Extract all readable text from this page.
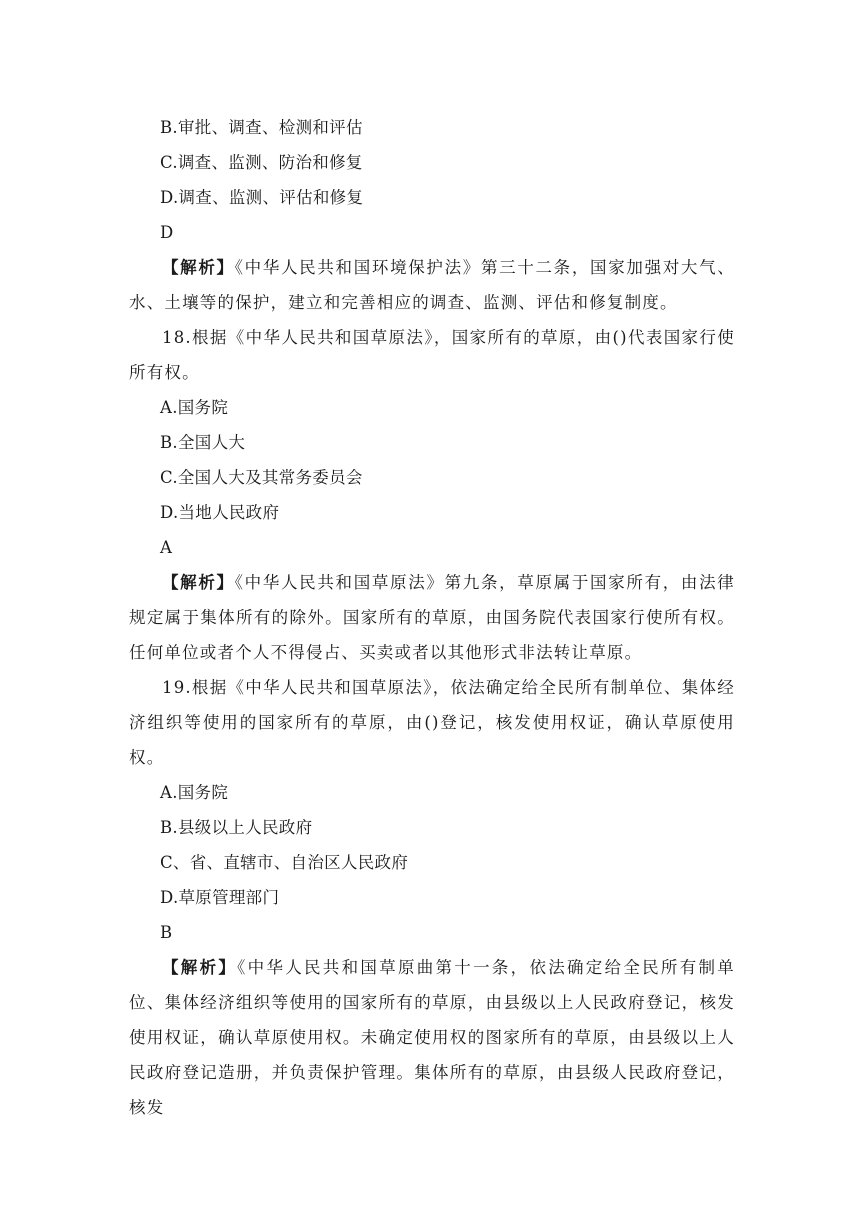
B.审批、调查、检测和评估
C.调查、监测、防治和修复
D.调查、监测、评估和修复
D
【解析】《中华人民共和国环境保护法》第三十二条，国家加强对大气、水、土壤等的保护，建立和完善相应的调查、监测、评估和修复制度。
18.根据《中华人民共和国草原法》，国家所有的草原，由()代表国家行使所有权。
A.国务院
B.全国人大
C.全国人大及其常务委员会
D.当地人民政府
A
【解析】《中华人民共和国草原法》第九条，草原属于国家所有，由法律规定属于集体所有的除外。国家所有的草原，由国务院代表国家行使所有权。任何单位或者个人不得侵占、买卖或者以其他形式非法转让草原。
19.根据《中华人民共和国草原法》，依法确定给全民所有制单位、集体经济组织等使用的国家所有的草原，由()登记，核发使用权证，确认草原使用权。
A.国务院
B.县级以上人民政府
C、省、直辖市、自治区人民政府
D.草原管理部门
B
【解析】《中华人民共和国草原曲第十一条，依法确定给全民所有制单位、集体经济组织等使用的国家所有的草原，由县级以上人民政府登记，核发使用权证，确认草原使用权。未确定使用权的图家所有的草原，由县级以上人民政府登记造册，并负责保护管理。集体所有的草原，由县级人民政府登记，核发
